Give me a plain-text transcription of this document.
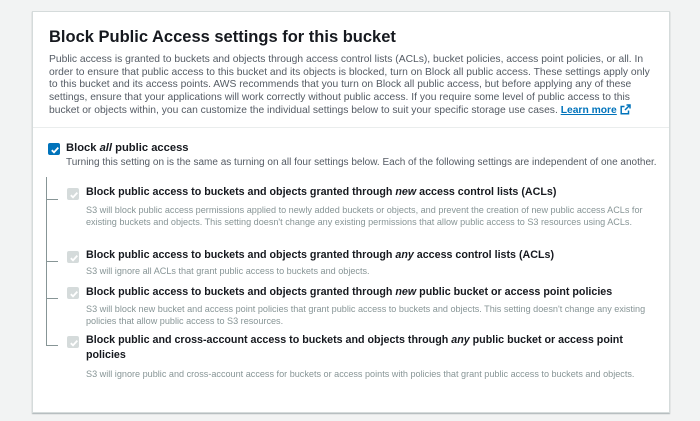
Block Public Access settings for this bucket
Public access is granted to buckets and objects through access control lists (ACLs), bucket policies, access point policies, or all. In order to ensure that public access to this bucket and its objects is blocked, turn on Block all public access. These settings apply only to this bucket and its access points. AWS recommends that you turn on Block all public access, but before applying any of these settings, ensure that your applications will work correctly without public access. If you require some level of public access to this bucket or objects within, you can customize the individual settings below to suit your specific storage use cases. Learn more
Block all public access
Turning this setting on is the same as turning on all four settings below. Each of the following settings are independent of one another.
Block public access to buckets and objects granted through new access control lists (ACLs)
S3 will block public access permissions applied to newly added buckets or objects, and prevent the creation of new public access ACLs for existing buckets and objects. This setting doesn't change any existing permissions that allow public access to S3 resources using ACLs.
Block public access to buckets and objects granted through any access control lists (ACLs)
S3 will ignore all ACLs that grant public access to buckets and objects.
Block public access to buckets and objects granted through new public bucket or access point policies
S3 will block new bucket and access point policies that grant public access to buckets and objects. This setting doesn't change any existing policies that allow public access to S3 resources.
Block public and cross-account access to buckets and objects through any public bucket or access point policies
S3 will ignore public and cross-account access for buckets or access points with policies that grant public access to buckets and objects.
